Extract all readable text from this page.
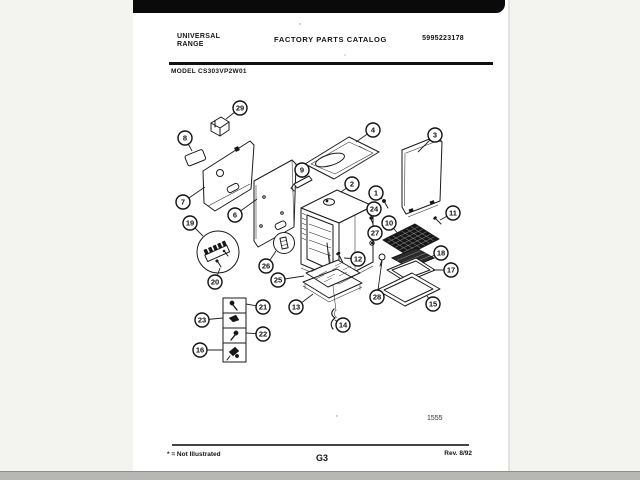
UNIVERSAL
RANGE
FACTORY PARTS CATALOG	5995223178
MODEL CS303VP2W01
1
2
3
4
6
7
8
9
10
11
12
13
14
15
16
17
18
19
20
21
22
23
24
25
26
27
28
29
1555
* = Not Illustrated	G3	Rev. 8/92
